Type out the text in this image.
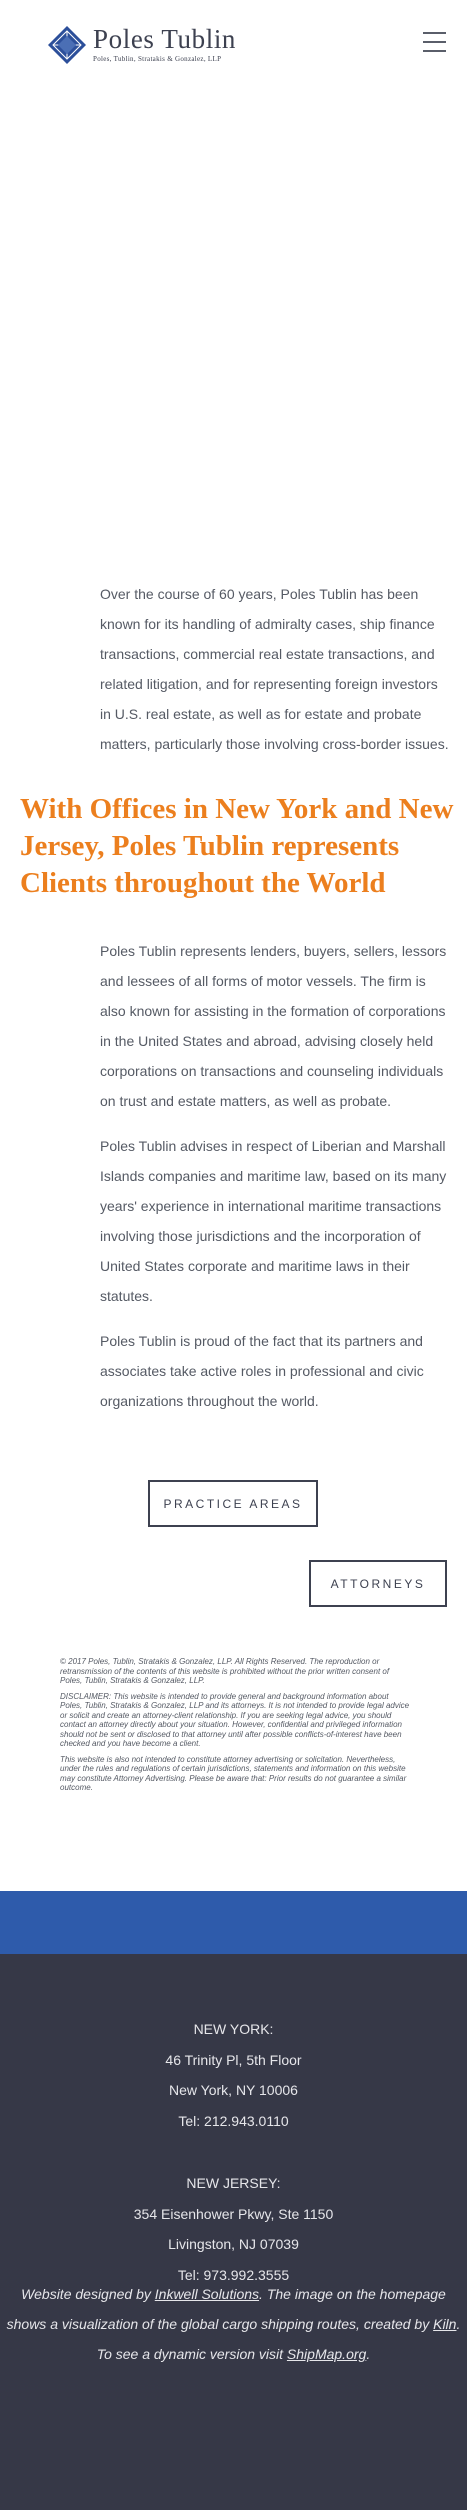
Poles Tublin
Poles, Tublin, Stratakis & Gonzalez, LLP

Over the course of 60 years, Poles Tublin has been known for its handling of admiralty cases, ship finance transactions, commercial real estate transactions, and related litigation, and for representing foreign investors in U.S. real estate, as well as for estate and probate matters, particularly those involving cross-border issues.

With Offices in New York and New Jersey, Poles Tublin represents Clients throughout the World

Poles Tublin represents lenders, buyers, sellers, lessors and lessees of all forms of motor vessels. The firm is also known for assisting in the formation of corporations in the United States and abroad, advising closely held corporations on transactions and counseling individuals on trust and estate matters, as well as probate.

Poles Tublin advises in respect of Liberian and Marshall Islands companies and maritime law, based on its many years' experience in international maritime transactions involving those jurisdictions and the incorporation of United States corporate and maritime laws in their statutes.

Poles Tublin is proud of the fact that its partners and associates take active roles in professional and civic organizations throughout the world.

PRACTICE AREAS
ATTORNEYS

© 2017 Poles, Tublin, Stratakis & Gonzalez, LLP. All Rights Reserved. The reproduction or retransmission of the contents of this website is prohibited without the prior written consent of Poles, Tublin, Stratakis & Gonzalez, LLP.

DISCLAIMER: This website is intended to provide general and background information about Poles, Tublin, Stratakis & Gonzalez, LLP and its attorneys. It is not intended to provide legal advice or solicit and create an attorney-client relationship. If you are seeking legal advice, you should contact an attorney directly about your situation. However, confidential and privileged information should not be sent or disclosed to that attorney until after possible conflicts-of-interest have been checked and you have become a client.

This website is also not intended to constitute attorney advertising or solicitation. Nevertheless, under the rules and regulations of certain jurisdictions, statements and information on this website may constitute Attorney Advertising. Please be aware that: Prior results do not guarantee a similar outcome.

NEW YORK:
46 Trinity Pl, 5th Floor
New York, NY 10006
Tel: 212.943.0110
NEW JERSEY:
354 Eisenhower Pkwy, Ste 1150
Livingston, NJ 07039
Tel: 973.992.3555

Website designed by Inkwell Solutions. The image on the homepage shows a visualization of the global cargo shipping routes, created by Kiln. To see a dynamic version visit ShipMap.org.
